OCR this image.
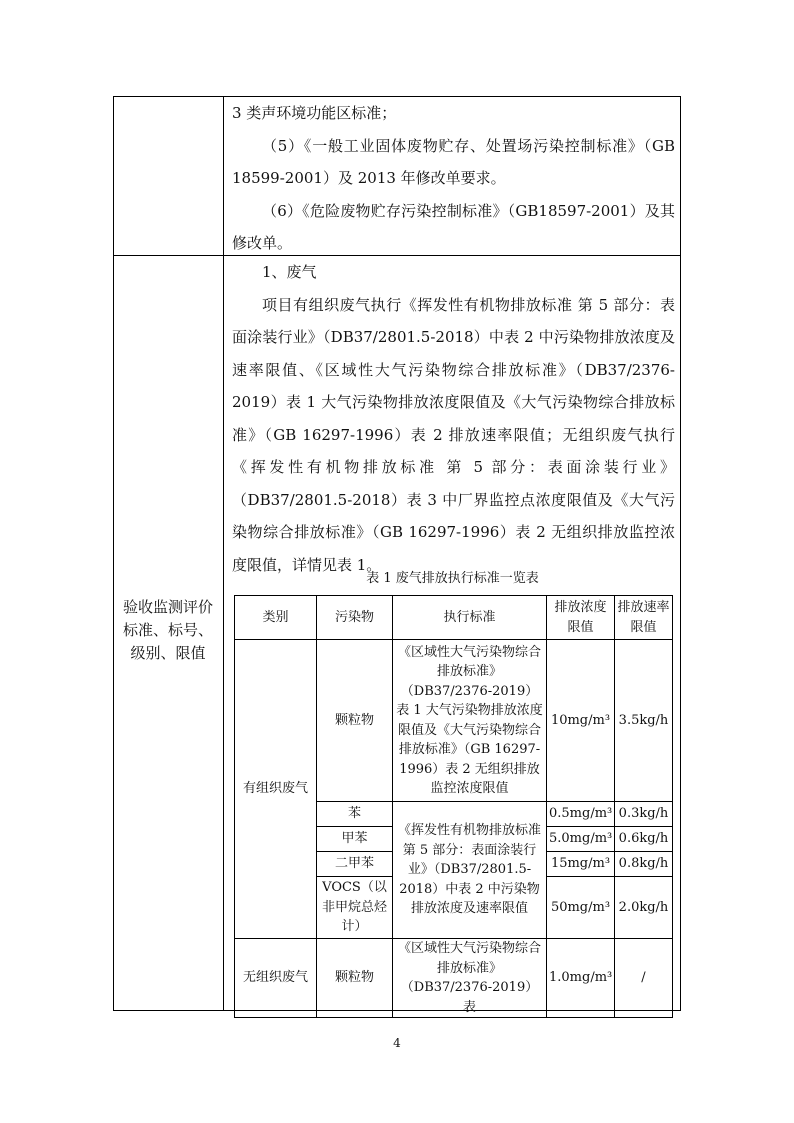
3 类声环境功能区标准；

（5）《一般工业固体废物贮存、处置场污染控制标准》（GB 18599-2001）及 2013 年修改单要求。

（6）《危险废物贮存污染控制标准》（GB18597-2001）及其修改单。

验收监测评价
标准、标号、
级别、限值

1、废气

项目有组织废气执行《挥发性有机物排放标准 第 5 部分：表面涂装行业》（DB37/2801.5-2018）中表 2 中污染物排放浓度及速率限值、《区域性大气污染物综合排放标准》（DB37/2376-2019）表 1 大气污染物排放浓度限值及《大气污染物综合排放标准》（GB 16297-1996）表 2 排放速率限值；无组织废气执行《挥发性有机物排放标准 第 5 部分：表面涂装行业》（DB37/2801.5-2018）表 3 中厂界监控点浓度限值及《大气污染物综合排放标准》（GB 16297-1996）表 2 无组织排放监控浓度限值，详情见表 1。

表 1 废气排放执行标准一览表
类别	污染物	执行标准	排放浓度限值	排放速率限值
有组织废气	颗粒物	《区域性大气污染物综合排放标准》（DB37/2376-2019）表 1 大气污染物排放浓度限值及《大气污染物综合排放标准》（GB 16297-1996）表 2 无组织排放监控浓度限值	10mg/m³	3.5kg/h
	苯	《挥发性有机物排放标准 第 5 部分：表面涂装行业》（DB37/2801.5-2018）中表 2 中污染物排放浓度及速率限值	0.5mg/m³	0.3kg/h
	甲苯		5.0mg/m³	0.6kg/h
	二甲苯		15mg/m³	0.8kg/h
	VOCS（以非甲烷总烃计）		50mg/m³	2.0kg/h
无组织废气	颗粒物	《区域性大气污染物综合排放标准》（DB37/2376-2019）表	1.0mg/m³	/
4
